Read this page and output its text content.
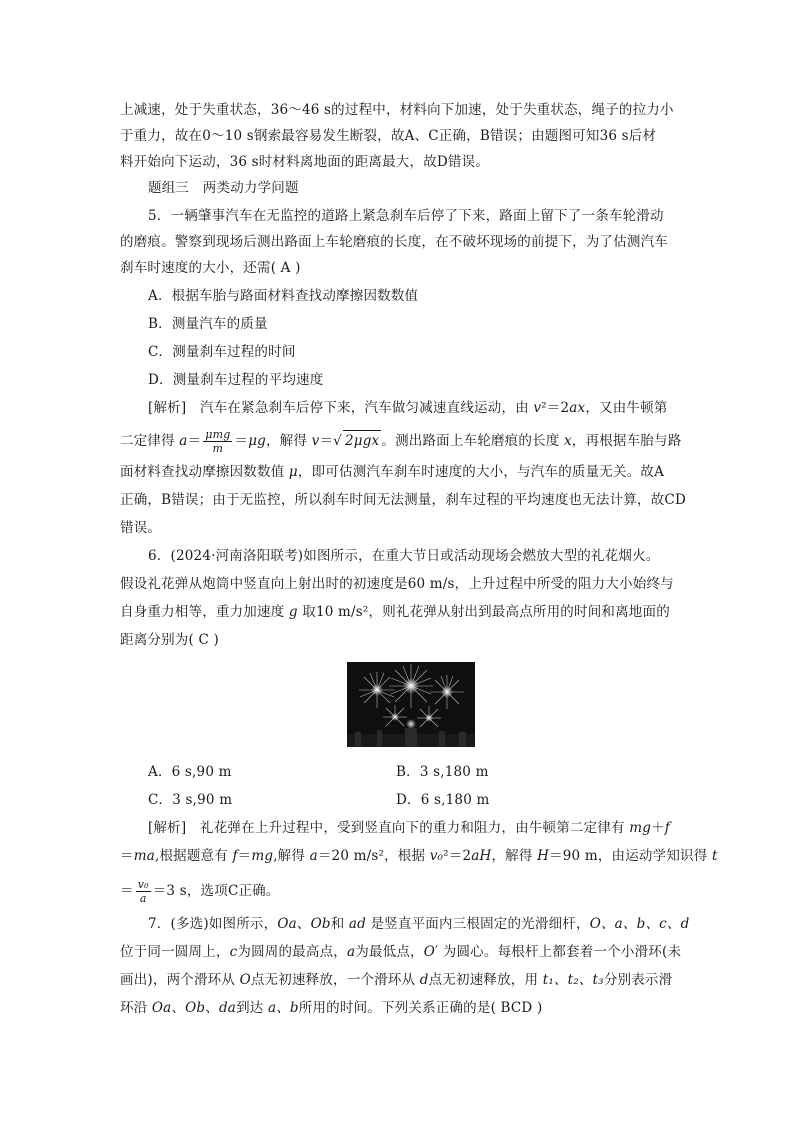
上减速，处于失重状态，36～46 s的过程中，材料向下加速，处于失重状态，绳子的拉力小
于重力，故在0～10 s钢索最容易发生断裂，故A、C正确，B错误；由题图可知36 s后材
料开始向下运动，36 s时材料离地面的距离最大，故D错误。
题组三　两类动力学问题
5．一辆肇事汽车在无监控的道路上紧急刹车后停了下来，路面上留下了一条车轮滑动
的磨痕。警察到现场后测出路面上车轮磨痕的长度，在不破坏现场的前提下，为了估测汽车
刹车时速度的大小，还需( A )
A．根据车胎与路面材料查找动摩擦因数数值
B．测量汽车的质量
C．测量刹车过程的时间
D．测量刹车过程的平均速度
[解析]　汽车在紧急刹车后停下来，汽车做匀减速直线运动，由 v²＝2ax，又由牛顿第
二定律得 $a= \frac{\text{μmg}}{m} =\mu g$，解得 v＝√ 2μgx 。测出路面上车轮磨痕的长度 x，再根据车胎与路
面材料查找动摩擦因数数值 μ，即可估测汽车刹车时速度的大小，与汽车的质量无关。故A
正确，B错误；由于无监控，所以刹车时间无法测量，刹车过程的平均速度也无法计算，故CD
错误。
6．(2024·河南洛阳联考)如图所示，在重大节日或活动现场会燃放大型的礼花烟火。
假设礼花弹从炮筒中竖直向上射出时的初速度是60 m/s，上升过程中所受的阻力大小始终与
自身重力相等，重力加速度 g 取10 m/s²，则礼花弹从射出到最高点所用的时间和离地面的
距离分别为( C )
A．6 s,90 m	B．3 s,180 m
C．3 s,90 m	D．6 s,180 m
[解析]　礼花弹在上升过程中，受到竖直向下的重力和阻力，由牛顿第二定律有 mg＋f
＝ma,根据题意有 f＝mg,解得 a＝20 m/s²，根据 v₀²＝2aH，解得 H＝90 m，由运动学知识得 t
＝ $\frac{\text{v₀}}{a} =3$ s，选项C正确。
7．(多选)如图所示，Oa、Ob和 ad 是竖直平面内三根固定的光滑细杆，O、a、b、c、d
位于同一圆周上，c为圆周的最高点，a为最低点，O′ 为圆心。每根杆上都套着一个小滑环(未
画出)，两个滑环从 O点无初速释放，一个滑环从 d点无初速释放，用 t₁、t₂、t₃分别表示滑
环沿 Oa、Ob、da到达 a、b所用的时间。下列关系正确的是( BCD )
